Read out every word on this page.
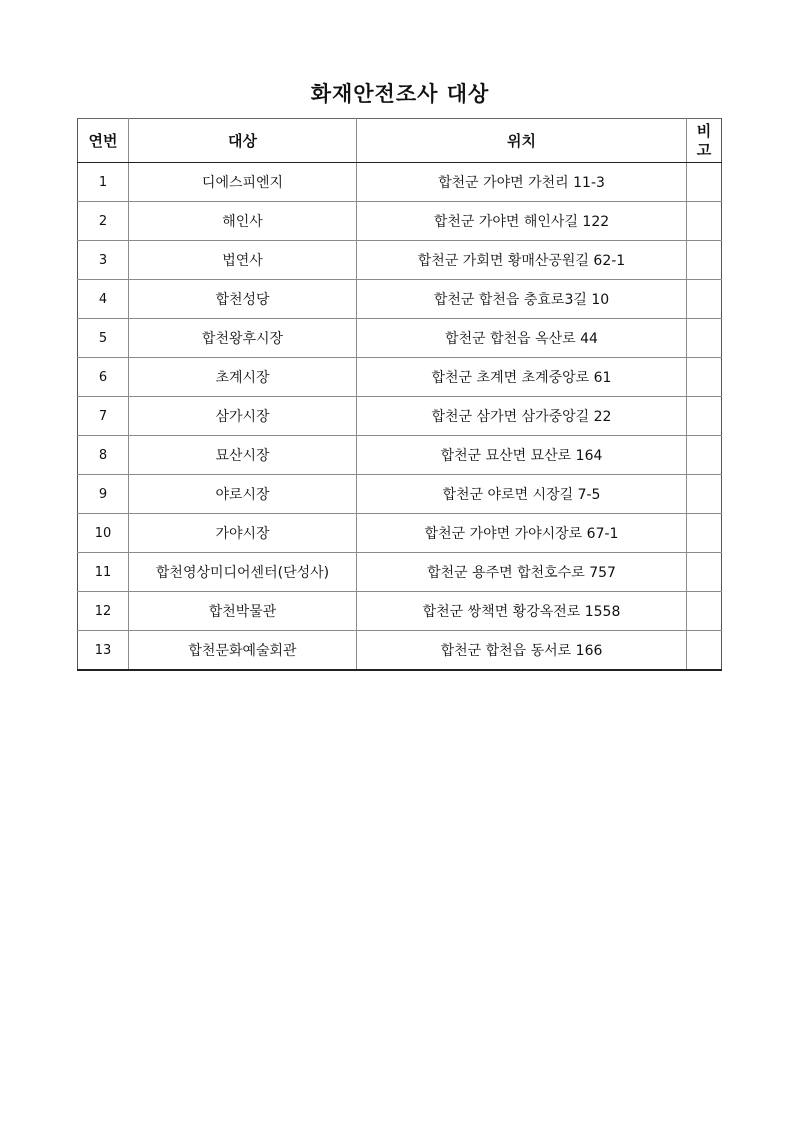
화재안전조사 대상
연번	대상	위치	비
고
1	디에스피엔지	합천군 가야면 가천리 11-3	
2	해인사	합천군 가야면 해인사길 122	
3	법연사	합천군 가회면 황매산공원길 62-1	
4	합천성당	합천군 합천읍 충효로3길 10	
5	합천왕후시장	합천군 합천읍 옥산로 44	
6	초계시장	합천군 초계면 초계중앙로 61	
7	삼가시장	합천군 삼가면 삼가중앙길 22	
8	묘산시장	합천군 묘산면 묘산로 164	
9	야로시장	합천군 야로면 시장길 7-5	
10	가야시장	합천군 가야면 가야시장로 67-1	
11	합천영상미디어센터(단성사)	합천군 용주면 합천호수로 757	
12	합천박물관	합천군 쌍책면 황강옥전로 1558	
13	합천문화예술회관	합천군 합천읍 동서로 166	
